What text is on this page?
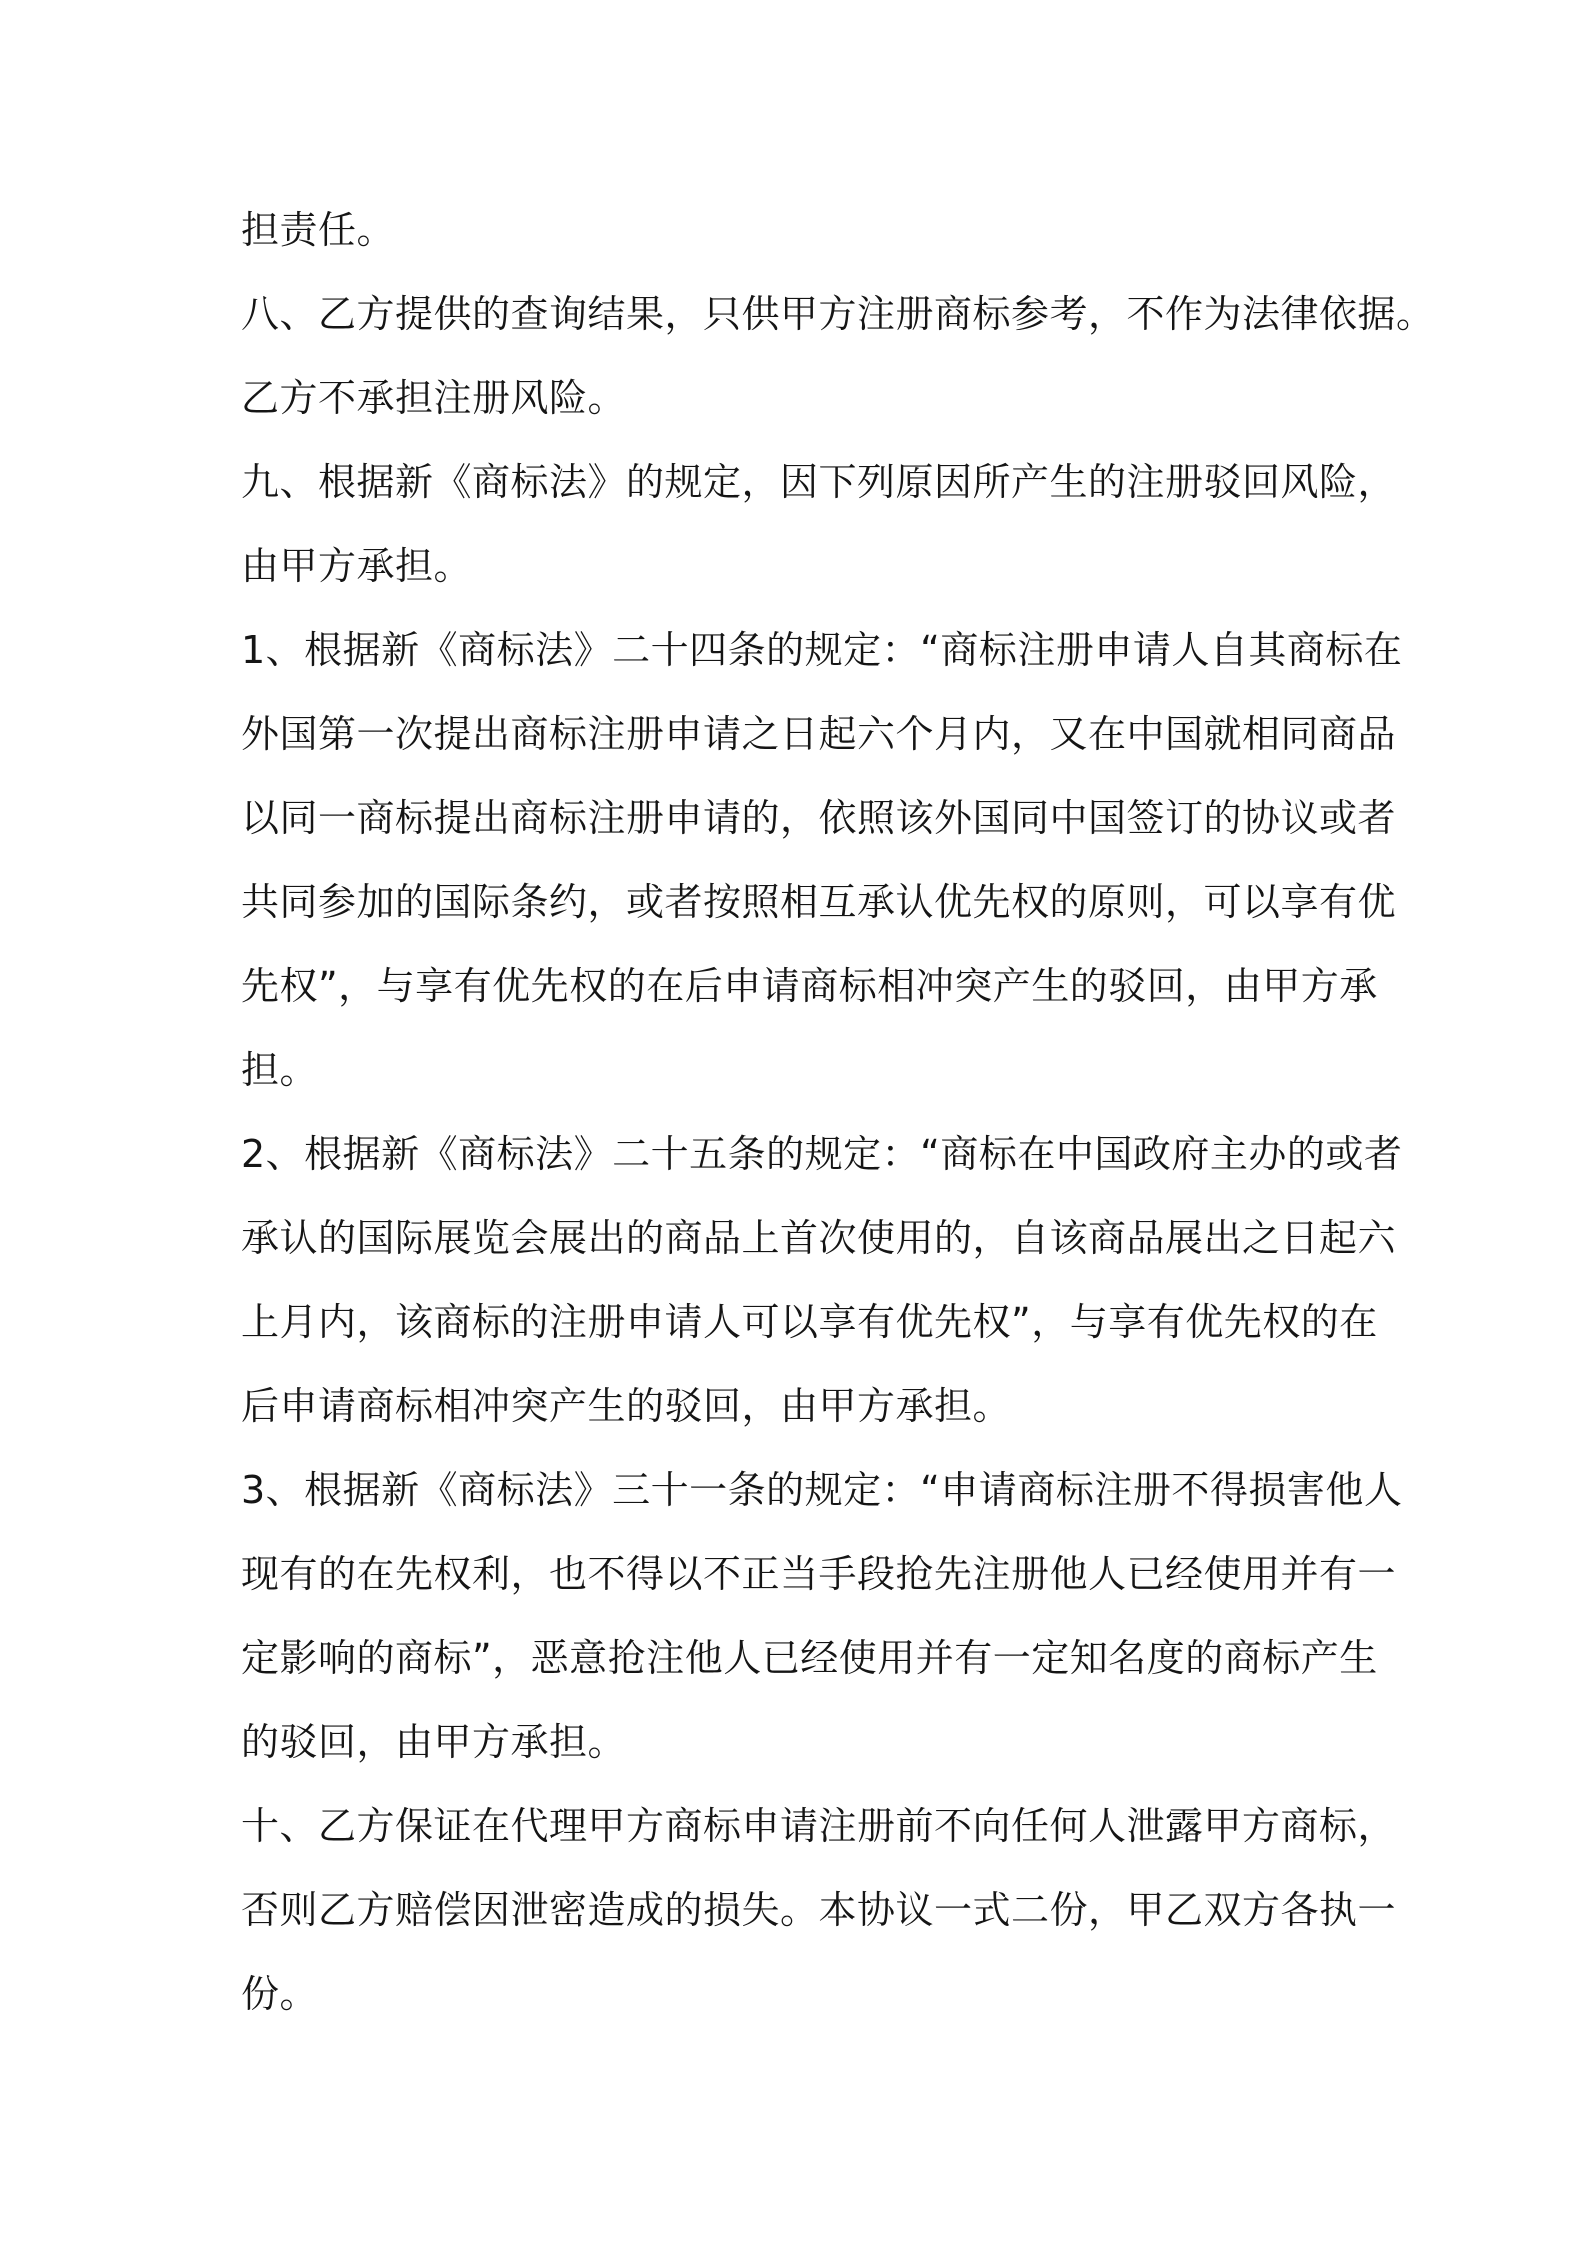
担责任。
八、乙方提供的查询结果，只供甲方注册商标参考，不作为法律依据。
乙方不承担注册风险。
九、根据新《商标法》的规定，因下列原因所产生的注册驳回风险，
由甲方承担。
1、根据新《商标法》二十四条的规定：“商标注册申请人自其商标在
外国第一次提出商标注册申请之日起六个月内，又在中国就相同商品
以同一商标提出商标注册申请的，依照该外国同中国签订的协议或者
共同参加的国际条约，或者按照相互承认优先权的原则，可以享有优
先权”，与享有优先权的在后申请商标相冲突产生的驳回，由甲方承
担。
2、根据新《商标法》二十五条的规定：“商标在中国政府主办的或者
承认的国际展览会展出的商品上首次使用的，自该商品展出之日起六
上月内，该商标的注册申请人可以享有优先权”，与享有优先权的在
后申请商标相冲突产生的驳回，由甲方承担。
3、根据新《商标法》三十一条的规定：“申请商标注册不得损害他人
现有的在先权利，也不得以不正当手段抢先注册他人已经使用并有一
定影响的商标”，恶意抢注他人已经使用并有一定知名度的商标产生
的驳回，由甲方承担。
十、乙方保证在代理甲方商标申请注册前不向任何人泄露甲方商标，
否则乙方赔偿因泄密造成的损失。本协议一式二份，甲乙双方各执一
份。
